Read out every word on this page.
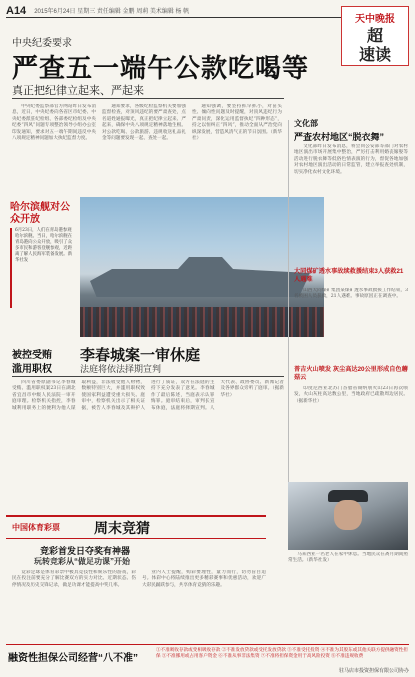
A14 2015年6月24日 星期三 责任编辑 金鹏 周莉 美术编辑 杨 帆
天中晚报
超
速读
中央纪委要求
严查五一端午公款吃喝等
真正把纪律立起来、严起来

中央纪委监察部官方网站昨日发布消息，近日，中央纪委向各省区市纪委、中央纪委派驻纪检组、各部委纪检组及中央纪委“四风”问题专项整治领导小组办公室印发通知，要求对五一端午期间违反中央八项规定精神问题加大执纪监督力度。

通知要求，各级纪检监察机关要加强监督检查，对顶风违纪的要严肃查处，点名道姓通报曝光，真正把纪律立起来、严起来，确保中央八项规定精神落地生根。对公款吃喝、公款旅游、违规收送礼品礼金等问题要发现一起、查处一起。

通知强调，要坚持抓早抓小，对苗头性、倾向性问题及时提醒，对顶风违纪行为严肃问责，深化运用监督执纪“四种形态”，持之以恒纠正“四风”，推动全面从严治党向纵深发展，营造风清气正的节日氛围。（新华社）

哈尔滨舰对公众开放
6月23日，人们在青岛港参观哈尔滨舰。当日，哈尔滨舰在青岛港向公众开放，吸引了众多市民和游客登舰参观，近距离了解人民海军装备发展。新华社发
被控受贿
滥用职权
李春城案一审休庭
法庭将依法择期宣判

四川省委原副书记李春城受贿、滥用职权案23日在湖北省宜昌市中级人民法院一审开庭审理。检察机关指控，李春城利用职务上的便利为他人谋取利益，非法收受他人财物，数额特别巨大，并滥用职权致使国家利益遭受重大损失。庭审中，检察机关出示了相关证据，被告人李春城及其辩护人进行了质证，双方在法庭的主持下充分发表了意见。李春城作了最后陈述，当庭表示认罪悔罪。庭审结束后，审判长宣布休庭，法庭将择期宣判。人大代表、政协委员、新闻记者及各界群众旁听了庭审。（据新华社）

文化部
严查农村地区“脱衣舞”

文化部昨日发布消息，将会同公安部等部门对农村地区演出市场开展集中整治，严厉打击利用婚丧嫁娶等活动进行脱衣舞等低俗色情表演的行为，督促各地加强对农村地区演出活动的日常监管，建立举报查处机制，切实净化农村文化环境。

大同煤矿透水事故续救援结束3人获救21人遇难

山西大同煤矿集团某煤矿透水事故救援工作结束，3名被困人员获救，21人遇难。事故原因正在调查中。

普吉火山喷发 灰尘高达20公里形成自色蘑菇云

印度尼西亚北苏门答腊省锡纳朋火山23日再次喷发，火山灰柱高达数公里，当地政府已疏散周边居民。（据新华社）

马来西亚一名老人在家中休息。当地民众在斋月期间照常生活。（新华社发）

中国体育彩票 周末竞猜
竞彩首发日夺奖有神器
玩转竞彩从“做足功课”开始

竞彩足球是体育彩票中极具竞技性和娱乐性的游戏，彩民在投注前要充分了解比赛双方的实力对比、近期状态、伤停情况及历史交锋记录，做足功课才能提高中奖几率。

业内人士提醒，购彩要理性，量力而行，切勿盲目追号。体彩中心将陆续推出更多精彩赛事和优惠活动，欢迎广大彩民踊跃参与，共享体育竞猜的乐趣。

融资性担保公司经营“八不准”
①不准吸收存款或变相吸收存款 ②不准发放贷款或受托发放贷款 ③不准受托投资 ④不准为其股东或其他关联方提供融资性担保 ⑤不准挪用或占用客户资金 ⑥不准从事非法集资 ⑦不准将担保资金用于高风险投资 ⑧不准违规收费
驻马店市投资担保有限公司协办
